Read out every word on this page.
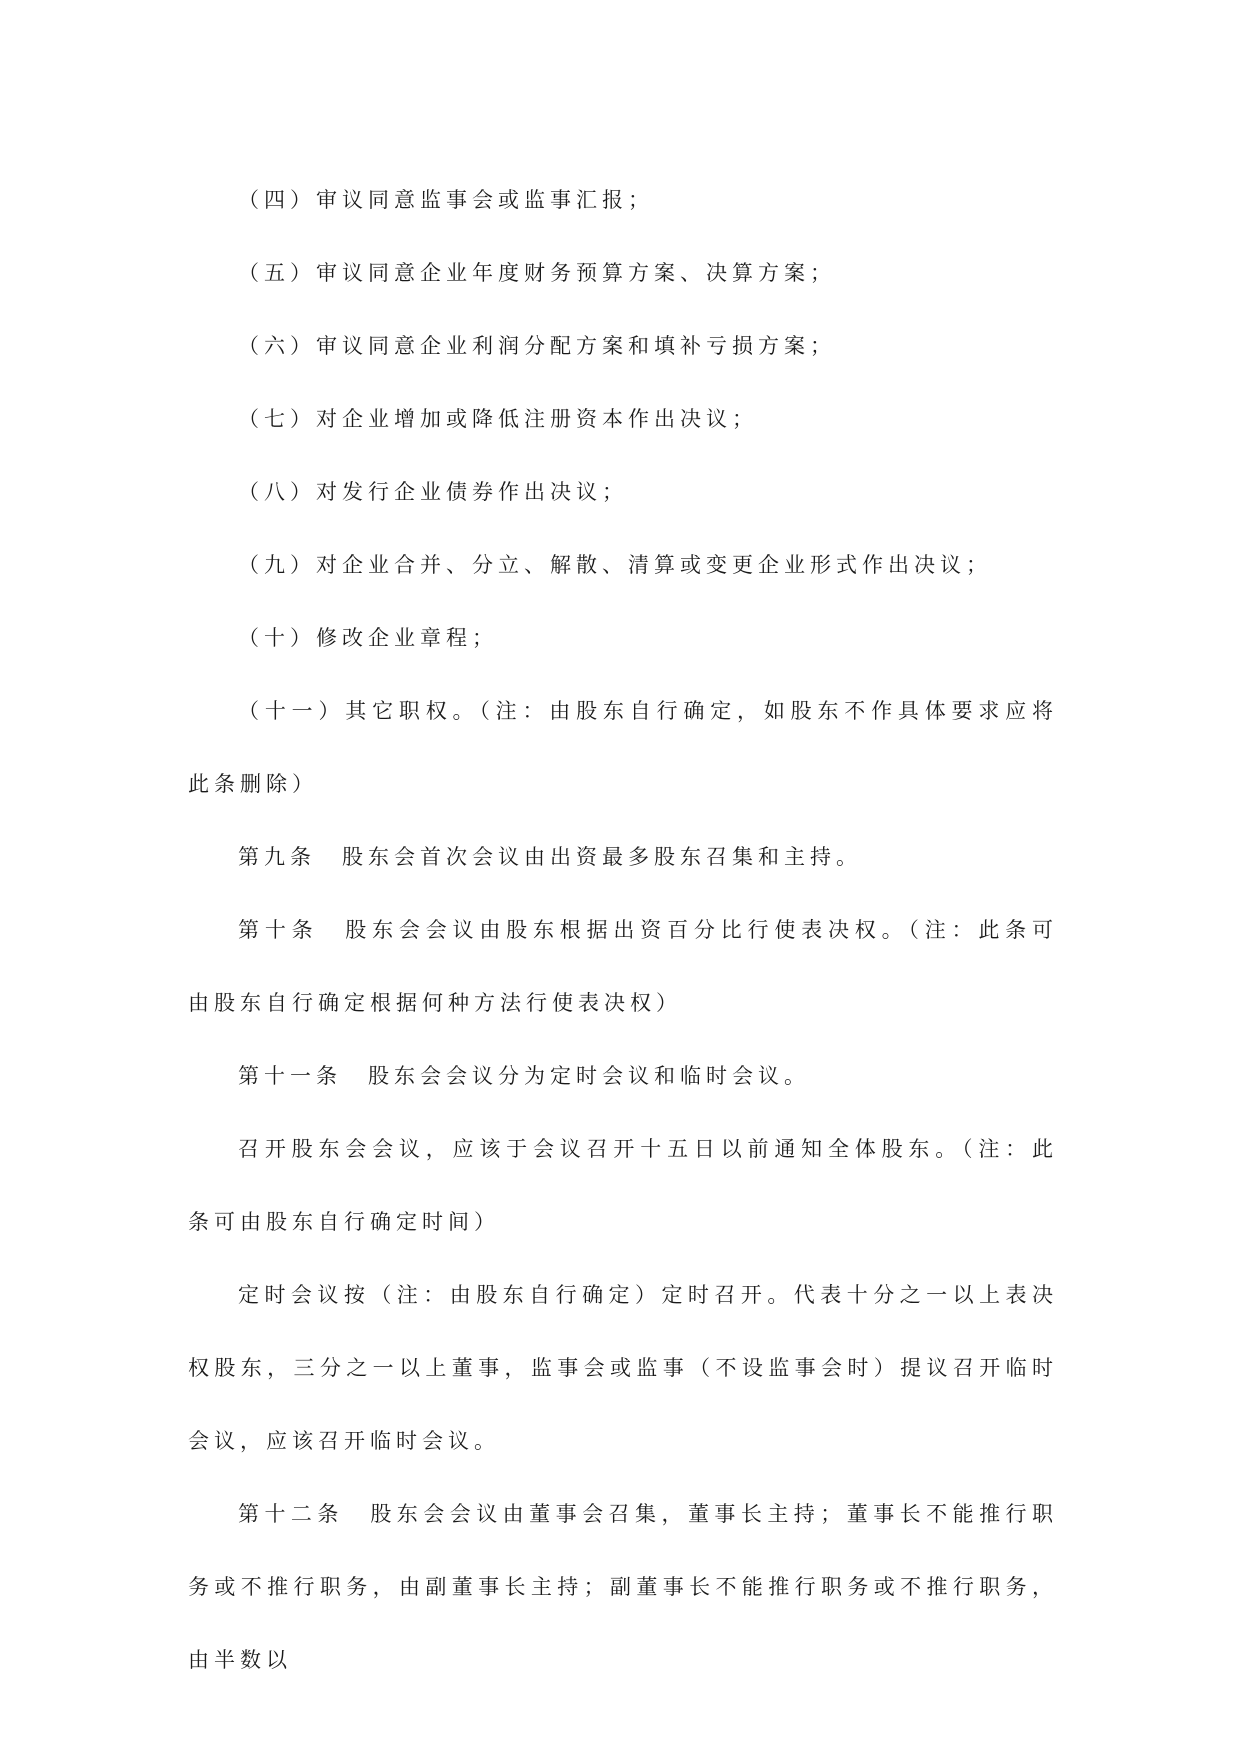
（四）审议同意监事会或监事汇报；

（五）审议同意企业年度财务预算方案、决算方案；

（六）审议同意企业利润分配方案和填补亏损方案；

（七）对企业增加或降低注册资本作出决议；

（八）对发行企业债券作出决议；

（九）对企业合并、分立、解散、清算或变更企业形式作出决议；

（十）修改企业章程；

（十一）其它职权。（注：由股东自行确定，如股东不作具体要求应将此条删除）

第九条 股东会首次会议由出资最多股东召集和主持。

第十条 股东会会议由股东根据出资百分比行使表决权。（注：此条可由股东自行确定根据何种方法行使表决权）

第十一条 股东会会议分为定时会议和临时会议。

召开股东会会议，应该于会议召开十五日以前通知全体股东。（注：此条可由股东自行确定时间）

定时会议按（注：由股东自行确定）定时召开。代表十分之一以上表决权股东，三分之一以上董事，监事会或监事（不设监事会时）提议召开临时会议，应该召开临时会议。

第十二条 股东会会议由董事会召集，董事长主持；董事长不能推行职务或不推行职务，由副董事长主持；副董事长不能推行职务或不推行职务，由半数以
